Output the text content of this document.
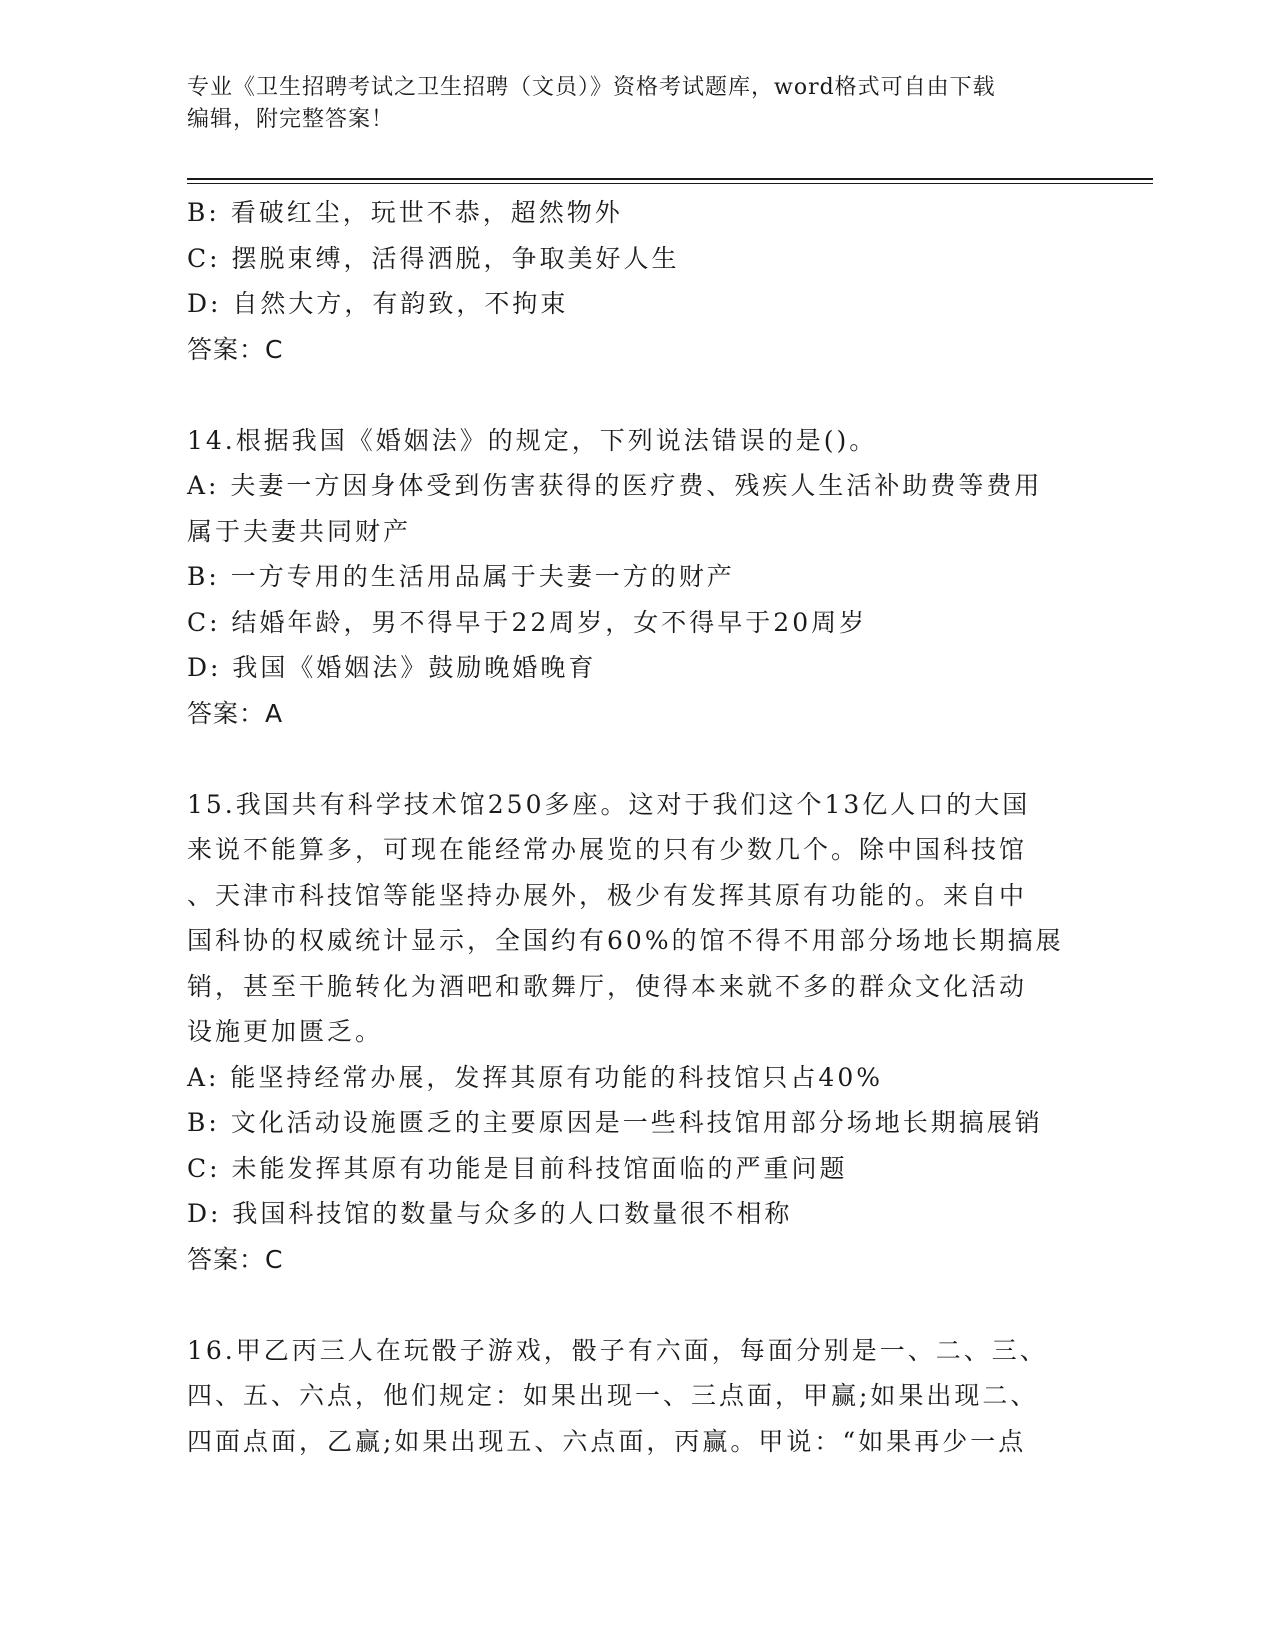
专业《卫生招聘考试之卫生招聘（文员）》资格考试题库，word格式可自由下载
编辑，附完整答案！
B: 看破红尘，玩世不恭，超然物外
C: 摆脱束缚，活得洒脱，争取美好人生
D: 自然大方，有韵致，不拘束
答案：C
14.根据我国《婚姻法》的规定，下列说法错误的是()。
A: 夫妻一方因身体受到伤害获得的医疗费、残疾人生活补助费等费用
属于夫妻共同财产
B: 一方专用的生活用品属于夫妻一方的财产
C: 结婚年龄，男不得早于22周岁，女不得早于20周岁
D: 我国《婚姻法》鼓励晚婚晚育
答案：A
15.我国共有科学技术馆250多座。这对于我们这个13亿人口的大国
来说不能算多，可现在能经常办展览的只有少数几个。除中国科技馆
、天津市科技馆等能坚持办展外，极少有发挥其原有功能的。来自中
国科协的权威统计显示，全国约有60%的馆不得不用部分场地长期搞展
销，甚至干脆转化为酒吧和歌舞厅，使得本来就不多的群众文化活动
设施更加匮乏。
A: 能坚持经常办展，发挥其原有功能的科技馆只占40%
B: 文化活动设施匮乏的主要原因是一些科技馆用部分场地长期搞展销
C: 未能发挥其原有功能是目前科技馆面临的严重问题
D: 我国科技馆的数量与众多的人口数量很不相称
答案：C
16.甲乙丙三人在玩骰子游戏，骰子有六面，每面分别是一、二、三、
四、五、六点，他们规定：如果出现一、三点面，甲赢;如果出现二、
四面点面，乙赢;如果出现五、六点面，丙赢。甲说：“如果再少一点
